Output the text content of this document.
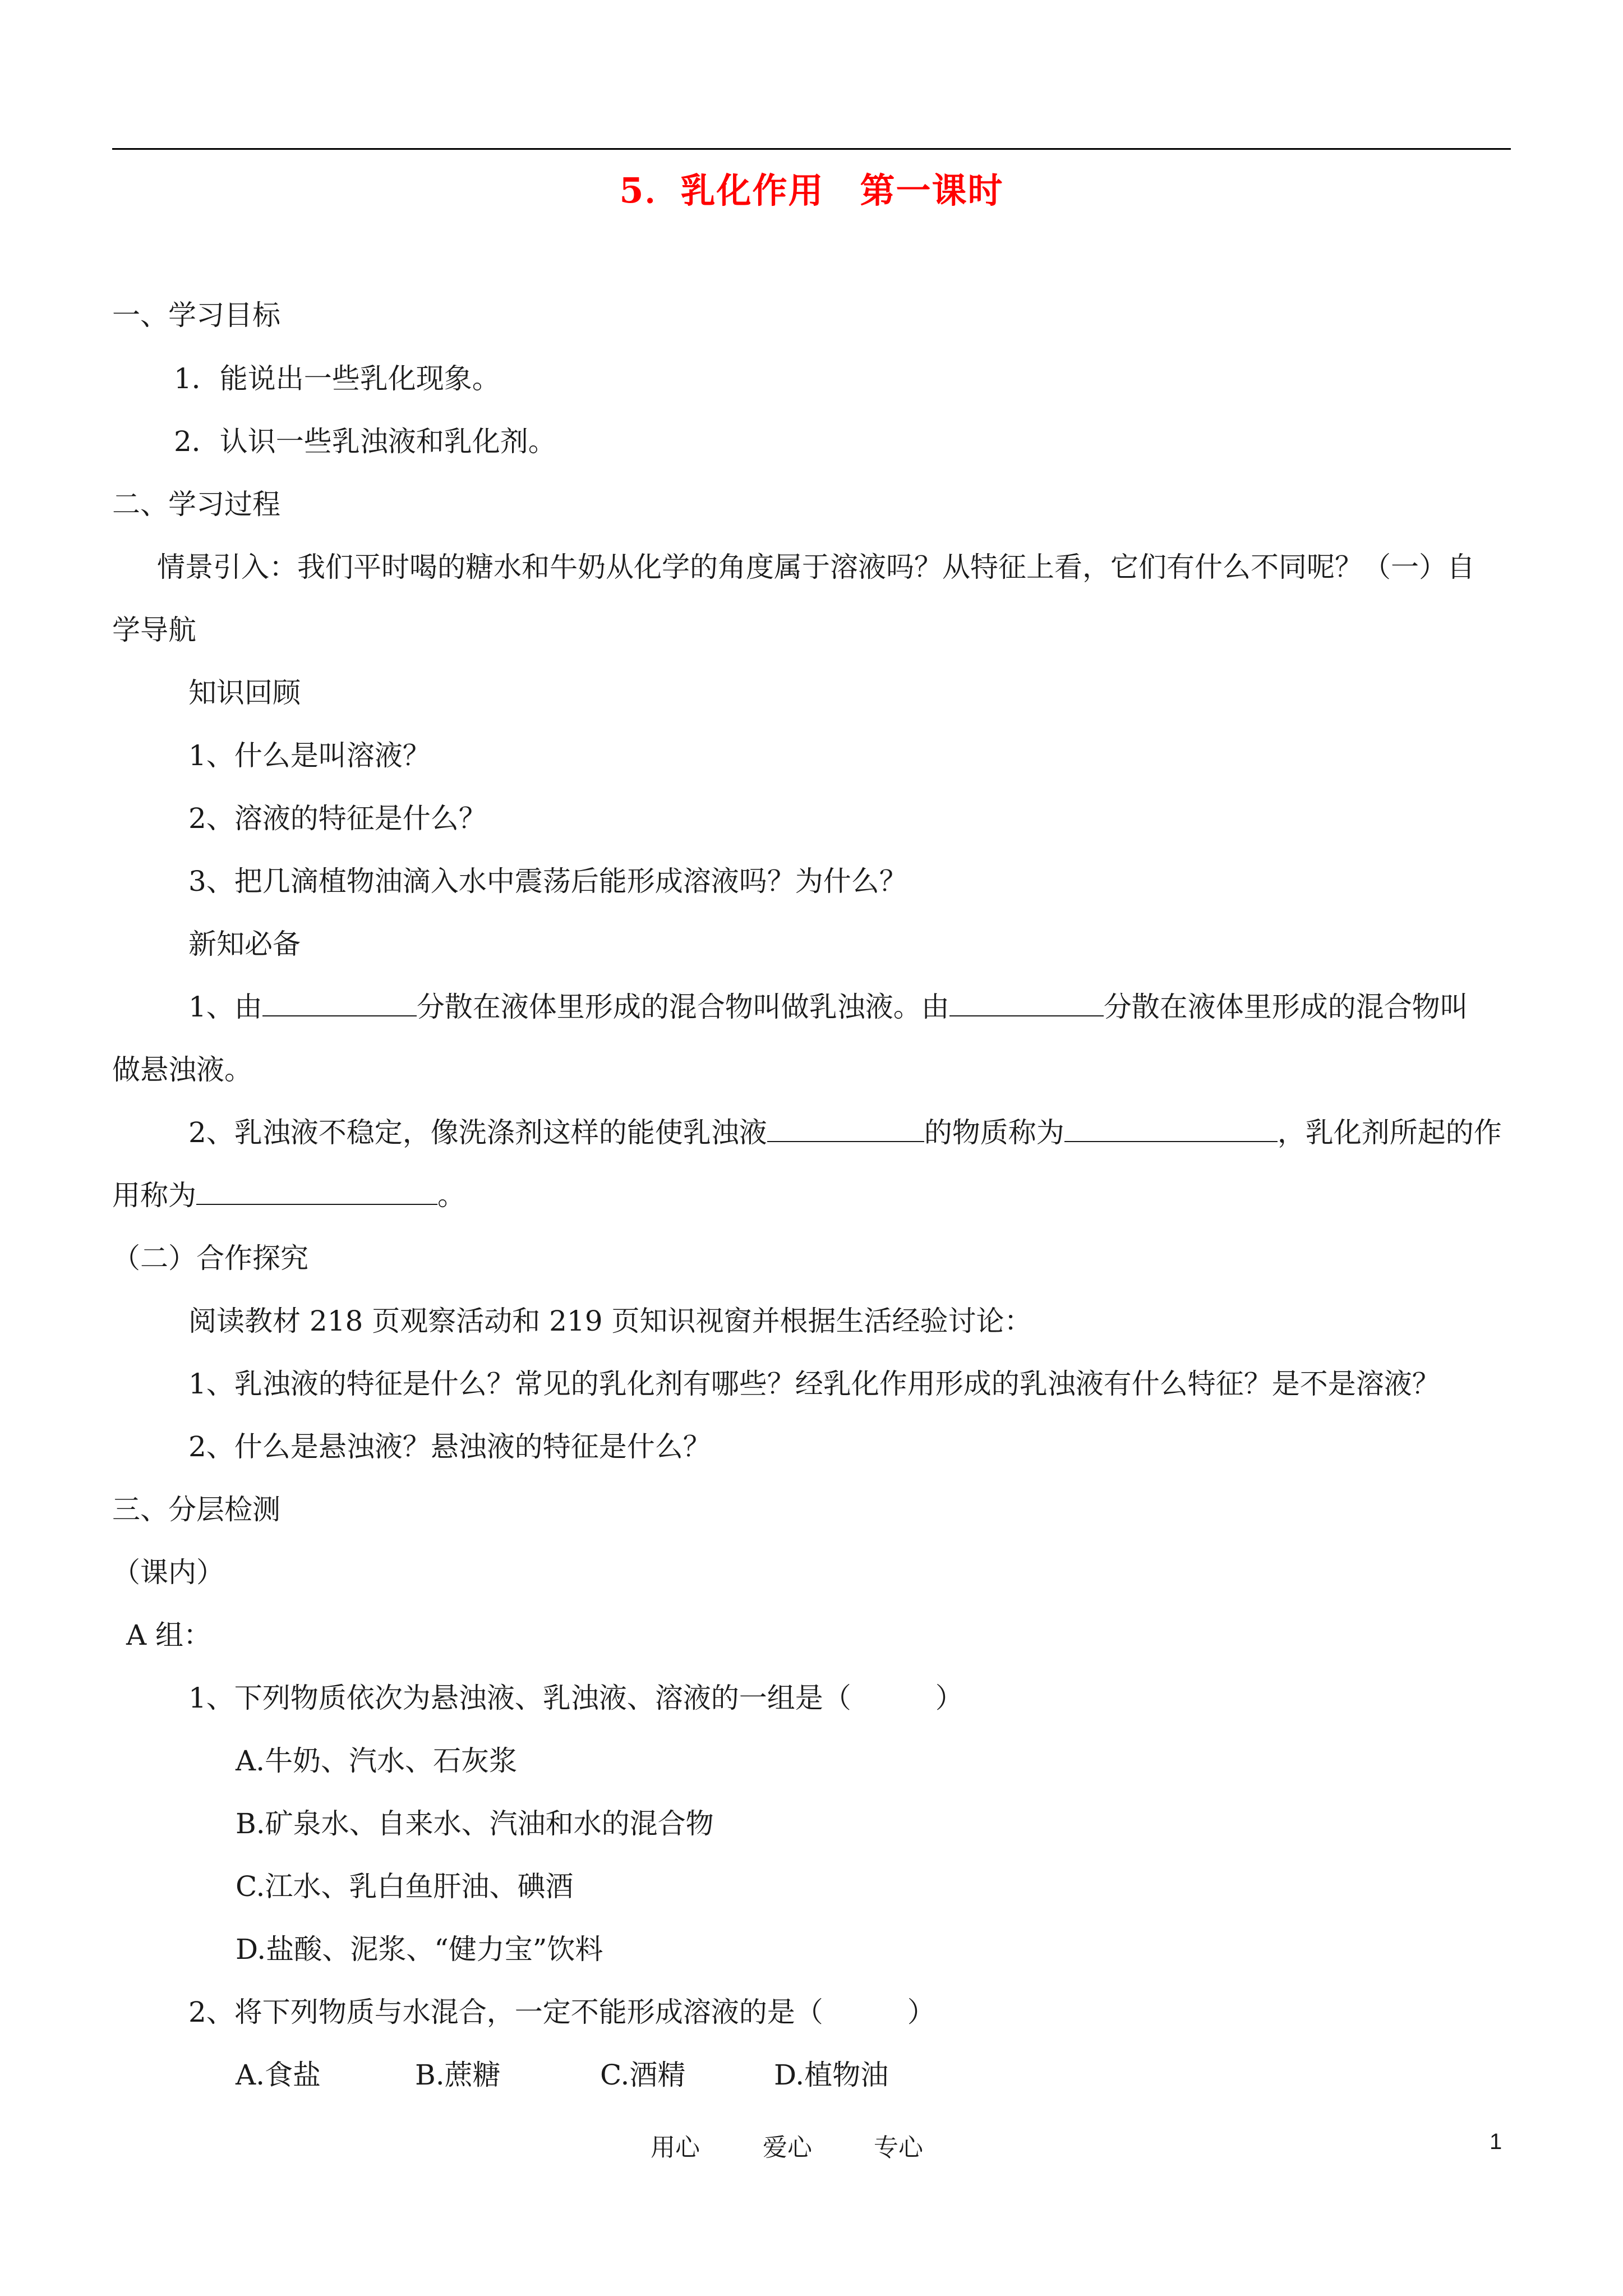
5．乳化作用　第一课时
一、学习目标
1．能说出一些乳化现象。
2．认识一些乳浊液和乳化剂。
二、学习过程
情景引入：我们平时喝的糖水和牛奶从化学的角度属于溶液吗？从特征上看，它们有什么不同呢？（一）自
学导航
知识回顾
1、什么是叫溶液？
2、溶液的特征是什么？
3、把几滴植物油滴入水中震荡后能形成溶液吗？为什么？
新知必备
1、由	分散在液体里形成的混合物叫做乳浊液。由	分散在液体里形成的混合物叫
做悬浊液。
2、乳浊液不稳定，像洗涤剂这样的能使乳浊液	的物质称为	，乳化剂所起的作
用称为	。
（二）合作探究
阅读教材 218 页观察活动和 219 页知识视窗并根据生活经验讨论：
1、乳浊液的特征是什么？常见的乳化剂有哪些？经乳化作用形成的乳浊液有什么特征？是不是溶液？
2、什么是悬浊液？悬浊液的特征是什么？
三、分层检测
（课内）
A 组：
1、下列物质依次为悬浊液、乳浊液、溶液的一组是（　　　）
A.牛奶、汽水、石灰浆
B.矿泉水、自来水、汽油和水的混合物
C.江水、乳白鱼肝油、碘酒
D.盐酸、泥浆、“健力宝”饮料
2、将下列物质与水混合，一定不能形成溶液的是（　　　）
A.食盐	B.蔗糖	C.酒精	D.植物油
用心	爱心	专心	1
